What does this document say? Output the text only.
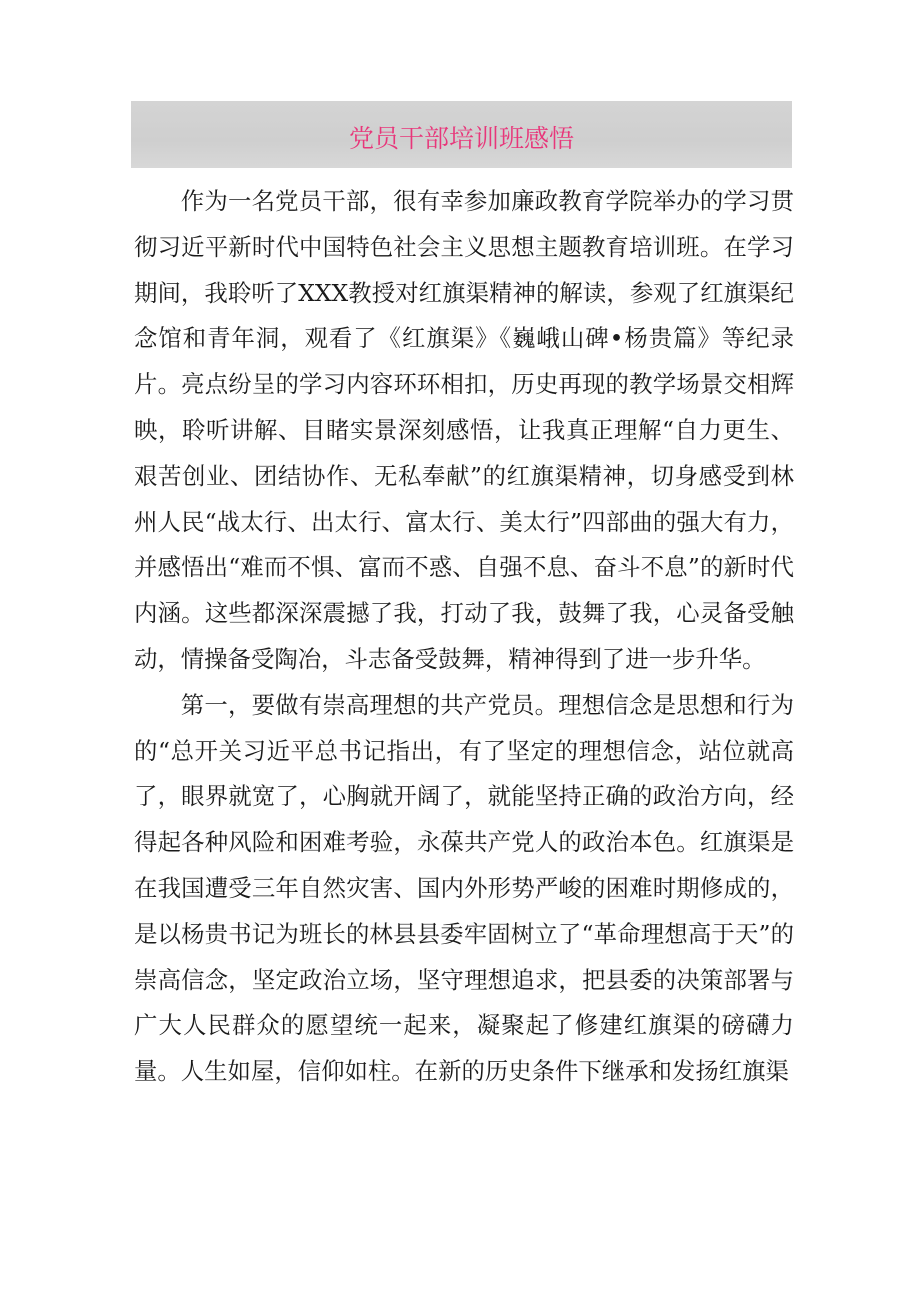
党员干部培训班感悟

作为一名党员干部，很有幸参加廉政教育学院举办的学习贯彻习近平新时代中国特色社会主义思想主题教育培训班。在学习期间，我聆听了XXX教授对红旗渠精神的解读，参观了红旗渠纪念馆和青年洞，观看了《红旗渠》《巍峨山碑•杨贵篇》等纪录片。亮点纷呈的学习内容环环相扣，历史再现的教学场景交相辉映，聆听讲解、目睹实景深刻感悟，让我真正理解“自力更生、艰苦创业、团结协作、无私奉献”的红旗渠精神，切身感受到林州人民“战太行、出太行、富太行、美太行”四部曲的强大有力，并感悟出“难而不惧、富而不惑、自强不息、奋斗不息”的新时代内涵。这些都深深震撼了我，打动了我，鼓舞了我，心灵备受触动，情操备受陶冶，斗志备受鼓舞，精神得到了进一步升华。

第一，要做有崇高理想的共产党员。理想信念是思想和行为的“总开关习近平总书记指出，有了坚定的理想信念，站位就高了，眼界就宽了，心胸就开阔了，就能坚持正确的政治方向，经得起各种风险和困难考验，永葆共产党人的政治本色。红旗渠是在我国遭受三年自然灾害、国内外形势严峻的困难时期修成的，是以杨贵书记为班长的林县县委牢固树立了“革命理想高于天”的崇高信念，坚定政治立场，坚守理想追求，把县委的决策部署与广大人民群众的愿望统一起来，凝聚起了修建红旗渠的磅礴力量。人生如屋，信仰如柱。在新的历史条件下继承和发扬红旗渠
